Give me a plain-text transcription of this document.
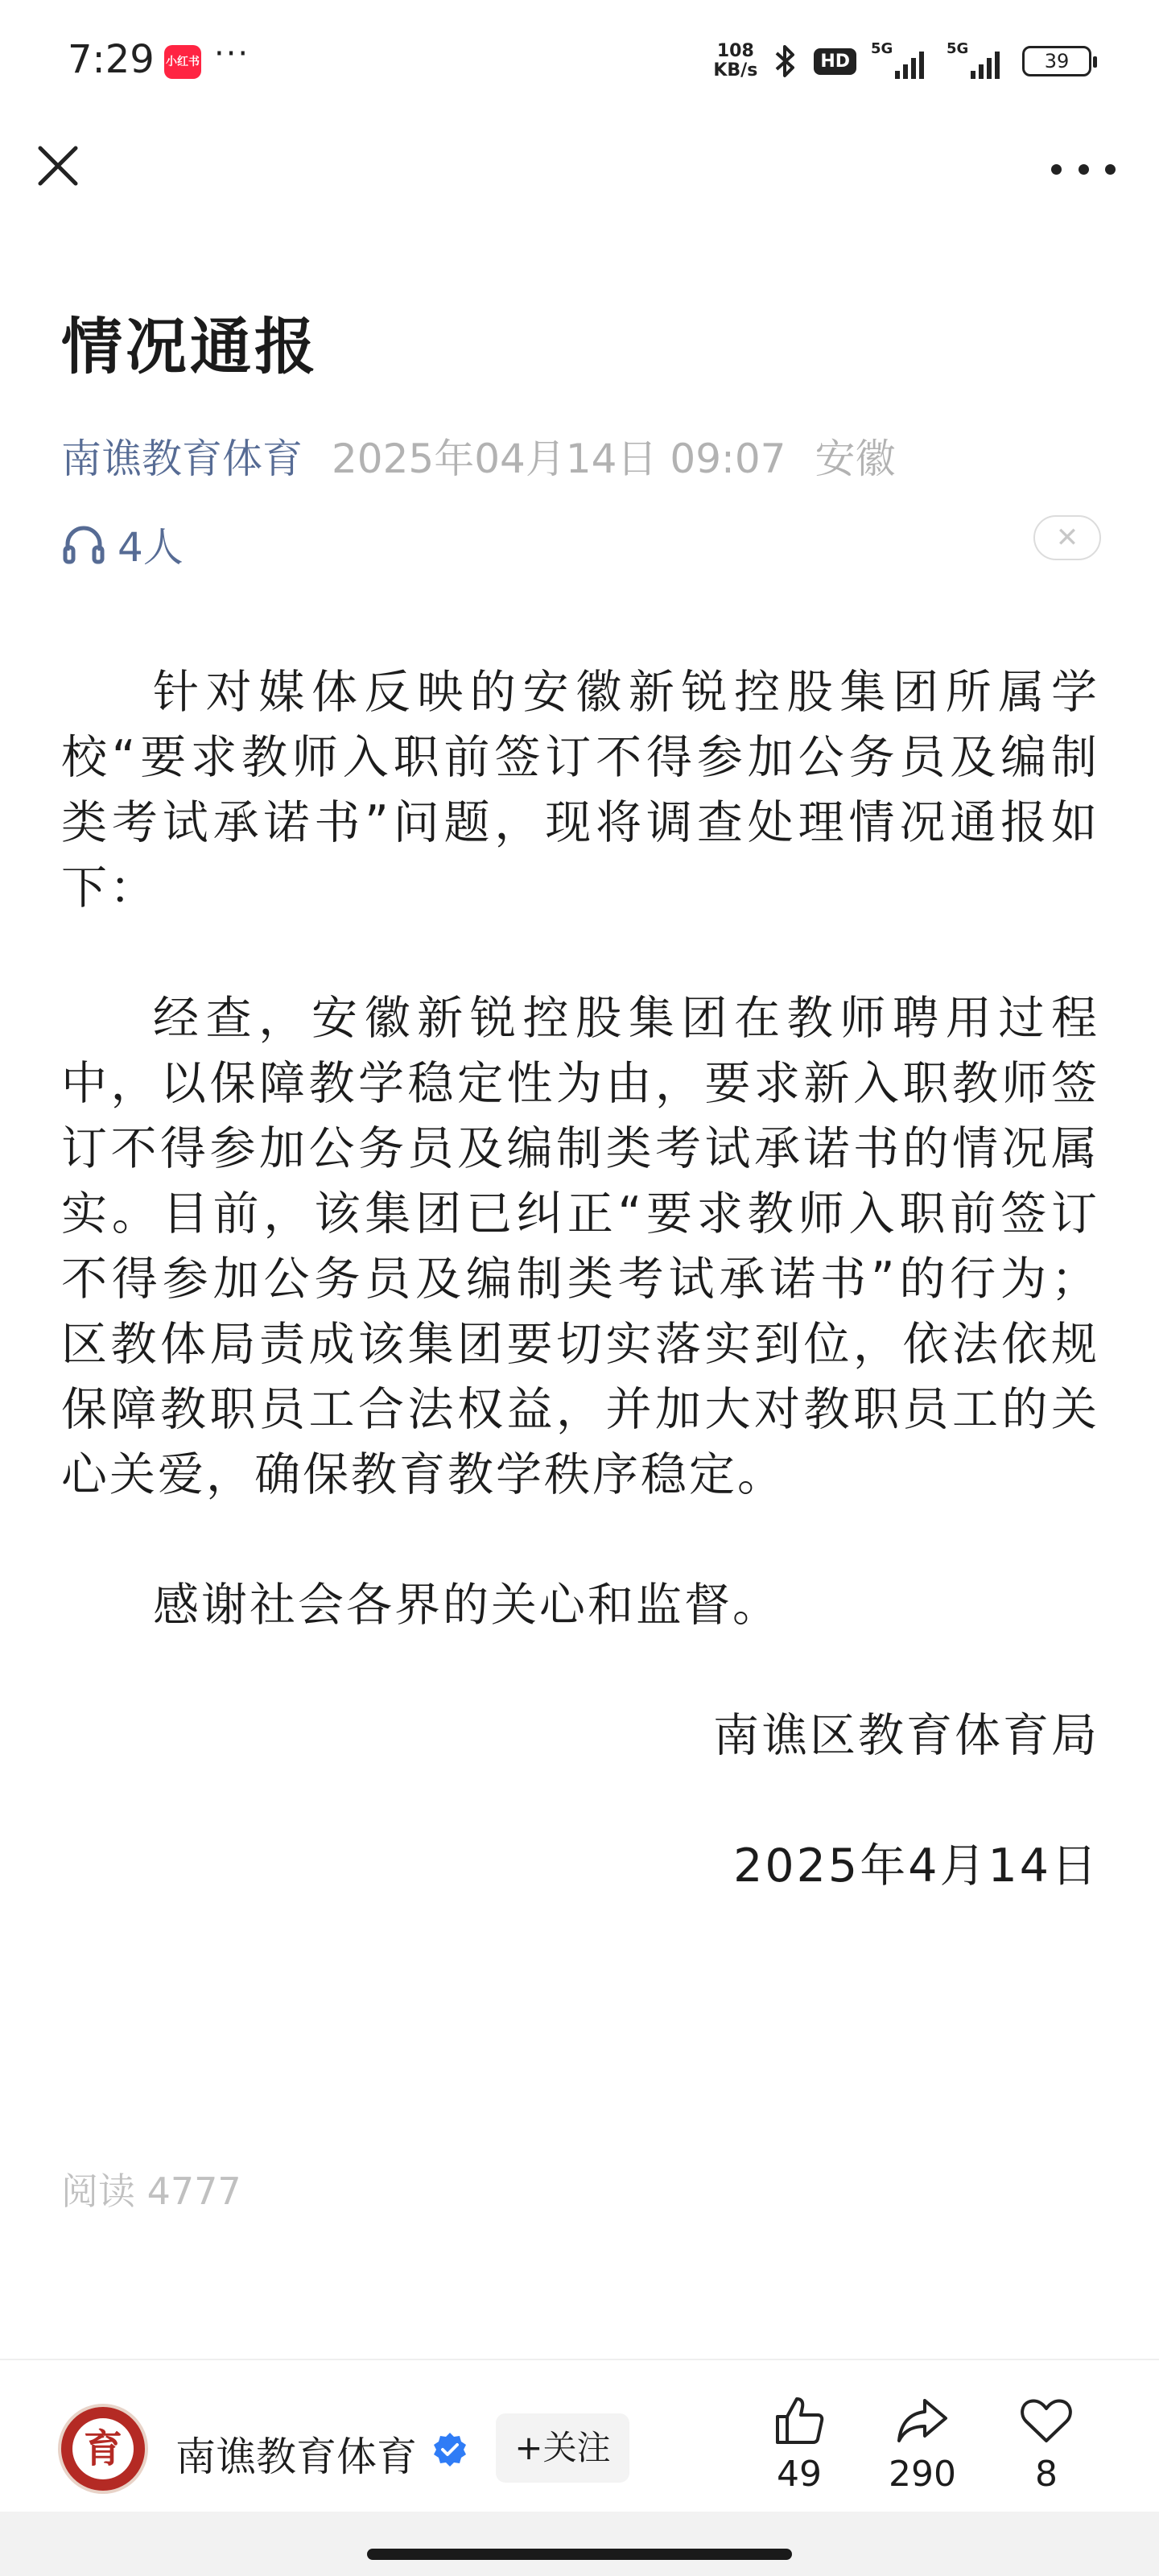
7:29 小红书 ···	108
KB/s	HD
5G	5G
39
情况通报
南谯教育体育 2025年04月14日 09:07 安徽
4人	✕

针对媒体反映的安徽新锐控股集团所属学校“要求教师入职前签订不得参加公务员及编制类考试承诺书”问题，现将调查处理情况通报如下：

经查，安徽新锐控股集团在教师聘用过程中，以保障教学稳定性为由，要求新入职教师签订不得参加公务员及编制类考试承诺书的情况属实。目前，该集团已纠正“要求教师入职前签订不得参加公务员及编制类考试承诺书”的行为；区教体局责成该集团要切实落实到位，依法依规保障教职员工合法权益，并加大对教职员工的关心关爱，确保教育教学秩序稳定。

感谢社会各界的关心和监督。

南谯区教育体育局

2025年4月14日

阅读 4777
育 南谯教育体育	+关注
49	290	8
